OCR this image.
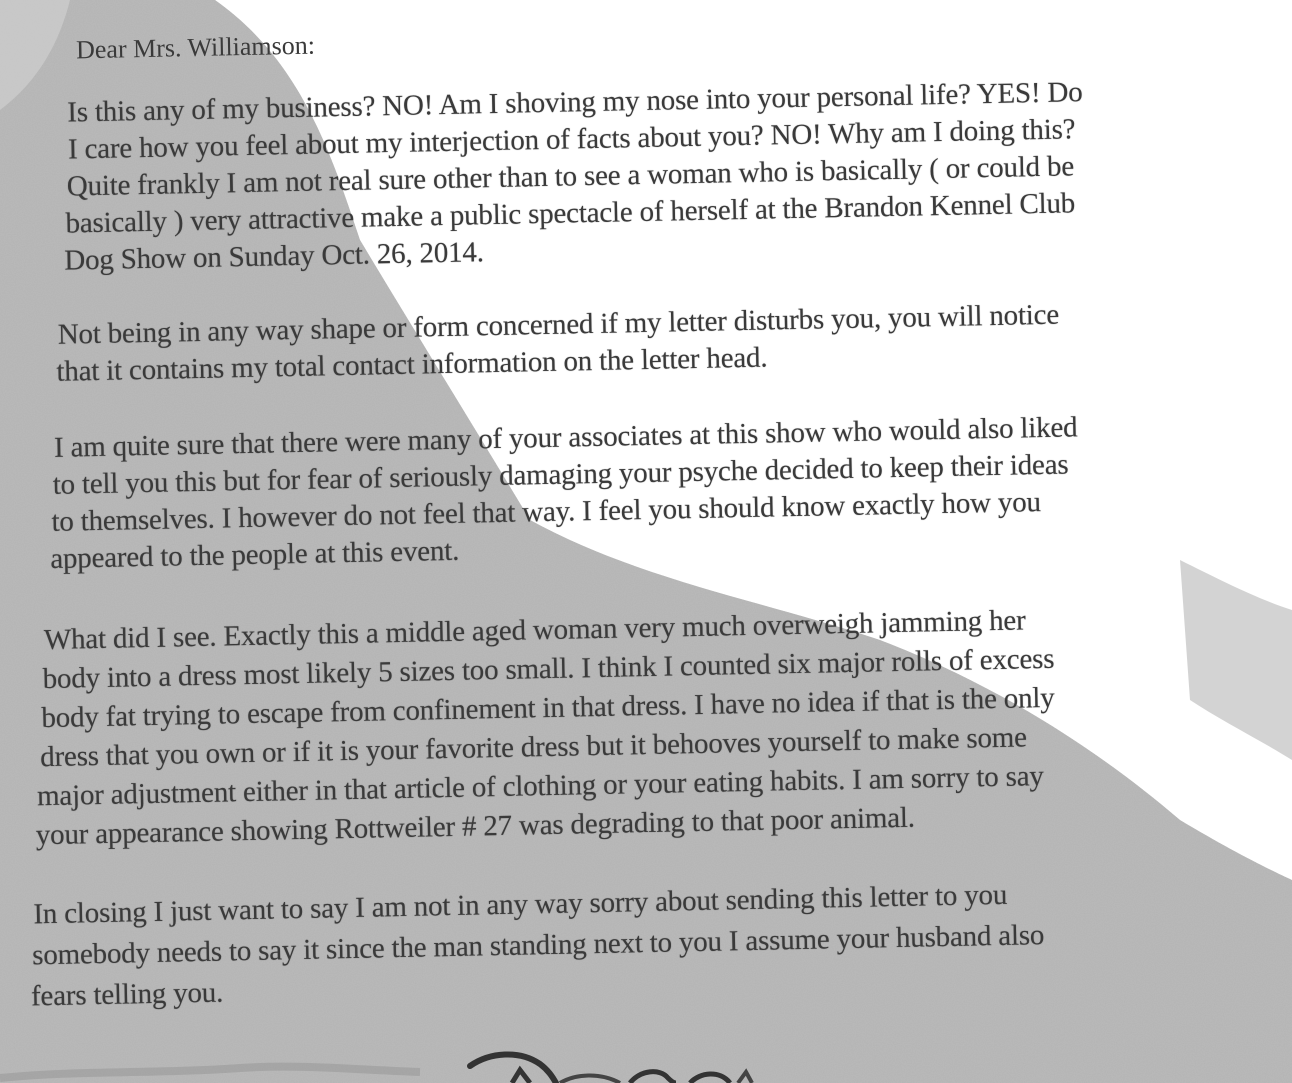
Dear Mrs. Williamson:
Is this any of my business? NO! Am I shoving my nose into your personal life? YES! Do
I care how you feel about my interjection of facts about you? NO! Why am I doing this?
Quite frankly I am not real sure other than to see a woman who is basically ( or could be
basically ) very attractive make a public spectacle of herself at the Brandon Kennel Club
Dog Show on Sunday Oct. 26, 2014.
Not being in any way shape or form concerned if my letter disturbs you, you will notice
that it contains my total contact information on the letter head.
I am quite sure that there were many of your associates at this show who would also liked
to tell you this but for fear of seriously damaging your psyche decided to keep their ideas
to themselves. I however do not feel that way. I feel you should know exactly how you
appeared to the people at this event.
What did I see. Exactly this a middle aged woman very much overweigh jamming her
body into a dress most likely 5 sizes too small. I think I counted six major rolls of excess
body fat trying to escape from confinement in that dress. I have no idea if that is the only
dress that you own or if it is your favorite dress but it behooves yourself to make some
major adjustment either in that article of clothing or your eating habits. I am sorry to say
your appearance showing Rottweiler # 27 was degrading to that poor animal.
In closing I just want to say I am not in any way sorry about sending this letter to you
somebody needs to say it since the man standing next to you I assume your husband also
fears telling you.
